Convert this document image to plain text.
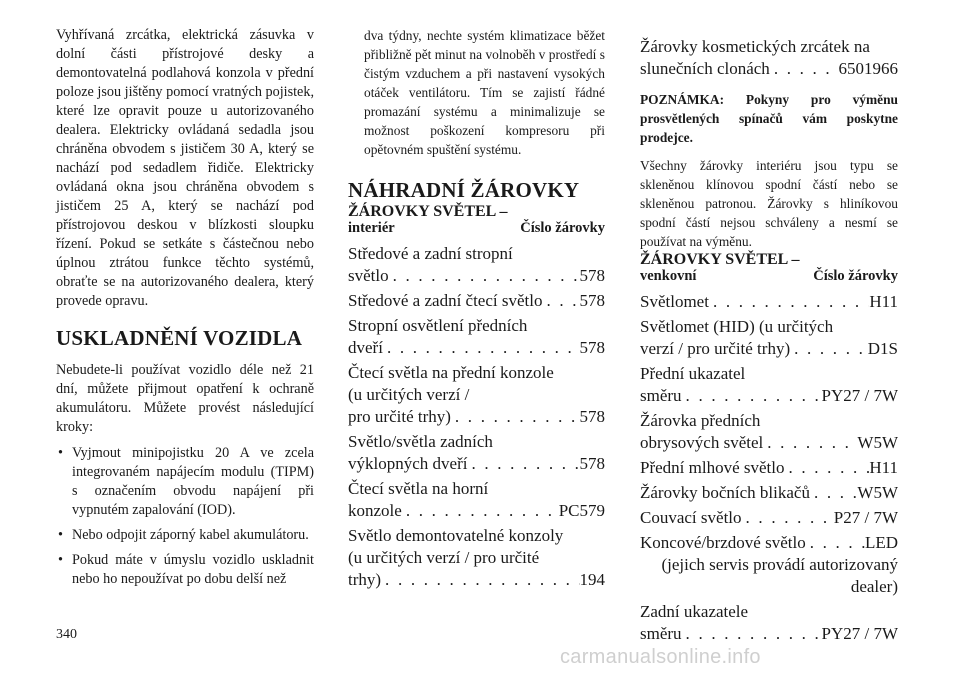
Vyhřívaná zrcátka, elektrická zásuvka v dolní části přístrojové desky a demontovatelná podlahová konzola v přední poloze jsou jištěny pomocí vratných pojistek, které lze opravit pouze u autorizovaného dealera. Elektricky ovládaná sedadla jsou chráněna obvodem s jističem 30 A, který se nachází pod sedadlem řidiče. Elektricky ovládaná okna jsou chráněna obvodem s jističem 25 A, který se nachází pod přístrojovou deskou v blízkosti sloupku řízení. Pokud se setkáte s částečnou nebo úplnou ztrátou funkce těchto systémů, obraťte se na autorizovaného dealera, který provede opravu.

USKLADNĚNÍ VOZIDLA

Nebudete-li používat vozidlo déle než 21 dní, můžete přijmout opatření k ochraně akumulátoru. Můžete provést následující kroky:

• Vyjmout minipojistku 20 A ve zcela integrovaném napájecím modulu (TIPM) s označením obvodu napájení při vypnutém zapalování (IOD).
• Nebo odpojit záporný kabel akumulátoru.
• Pokud máte v úmyslu vozidlo uskladnit nebo ho nepoužívat po dobu delší než

dva týdny, nechte systém klimatizace běžet přibližně pět minut na volnoběh v prostředí s čistým vzduchem a při nastavení vysokých otáček ventilátoru. Tím se zajistí řádné promazání systému a minimalizuje se možnost poškození kompresoru při opětovném spuštění systému.

NÁHRADNÍ ŽÁROVKY
ŽÁROVKY SVĚTEL –
interiér	Číslo žárovky
Středové a zadní stropní
světlo . . .	578
Středové a zadní čtecí světlo . . . 578
Stropní osvětlení předních
dveří . . .	578
Čtecí světla na přední konzole
(u určitých verzí /
pro určité trhy) . . .	578
Světlo/světla zadních
výklopných dveří . . .	578
Čtecí světla na horní
konzole . . .	PC579
Světlo demontovatelné konzoly
(u určitých verzí / pro určité
trhy) . . .	194
Žárovky kosmetických zrcátek na
slunečních clonách . . .	6501966

POZNÁMKA: Pokyny pro výměnu prosvětlených spínačů vám poskytne prodejce.

Všechny žárovky interiéru jsou typu se skleněnou klínovou spodní částí nebo se skleněnou patronou. Žárovky s hliníkovou spodní částí nejsou schváleny a nesmí se používat na výměnu.

ŽÁROVKY SVĚTEL –
venkovní	Číslo žárovky
Světlomet . . .	H11
Světlomet (HID) (u určitých
verzí / pro určité trhy) . . .	D1S
Přední ukazatel
směru . . .	PY27 / 7W
Žárovka předních
obrysových světel . . .	W5W
Přední mlhové světlo . . .	H11
Žárovky bočních blikačů . . .	W5W
Couvací světlo . . .	P27 / 7W
Koncové/brzdové světlo . . .	LED
(jejich servis provádí autorizovaný dealer)
Zadní ukazatele
směru . . .	PY27 / 7W
340
carmanualsonline.info
